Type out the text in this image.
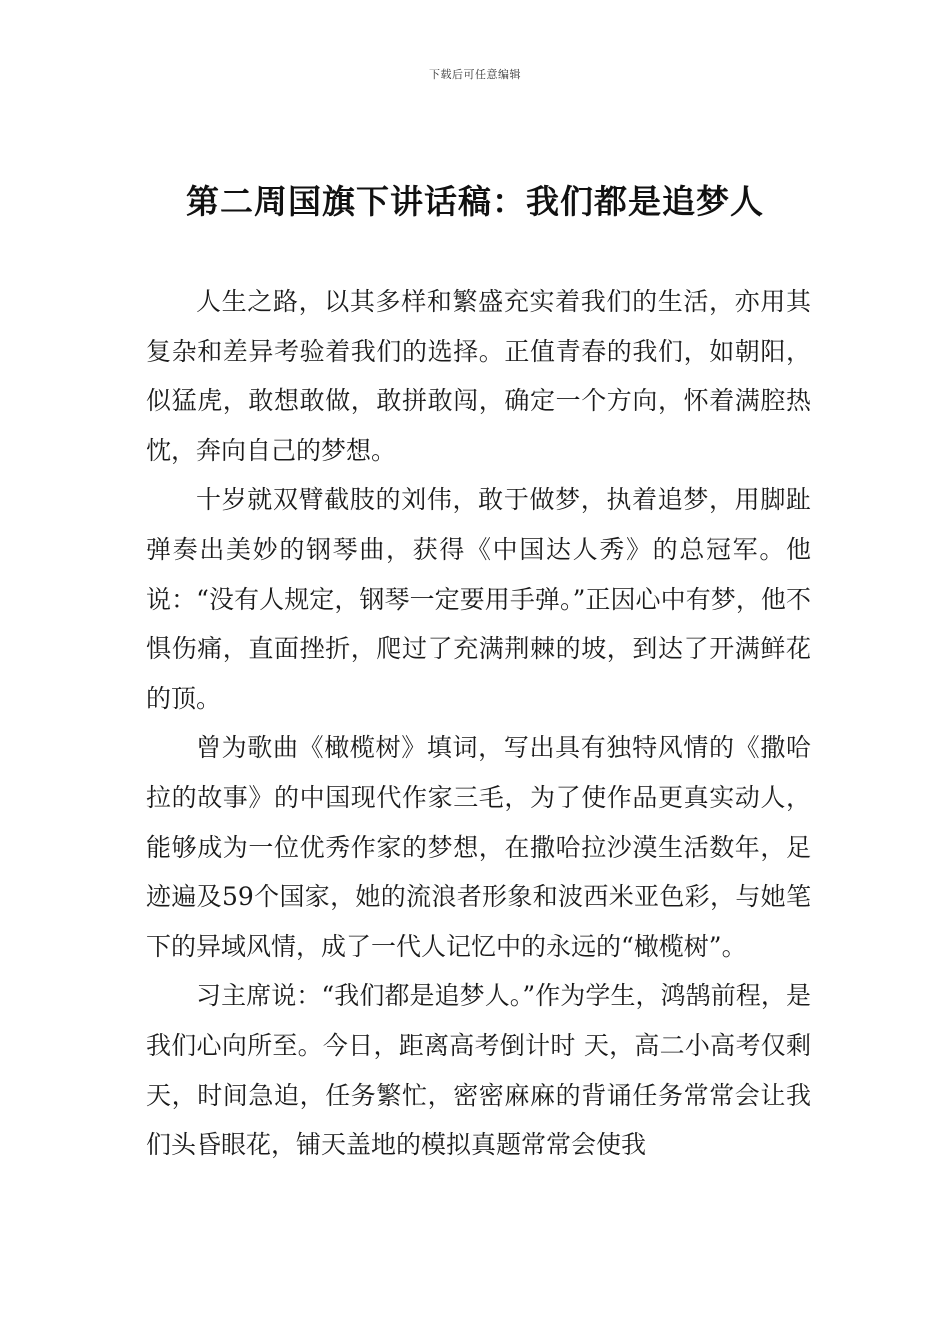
下载后可任意编辑
第二周国旗下讲话稿：我们都是追梦人

人生之路，以其多样和繁盛充实着我们的生活，亦用其复杂和差异考验着我们的选择。正值青春的我们，如朝阳，似猛虎，敢想敢做，敢拼敢闯，确定一个方向，怀着满腔热忱，奔向自己的梦想。

十岁就双臂截肢的刘伟，敢于做梦，执着追梦，用脚趾弹奏出美妙的钢琴曲，获得《中国达人秀》的总冠军。他说：“没有人规定，钢琴一定要用手弹。”正因心中有梦，他不惧伤痛，直面挫折，爬过了充满荆棘的坡，到达了开满鲜花的顶。

曾为歌曲《橄榄树》填词，写出具有独特风情的《撒哈拉的故事》的中国现代作家三毛，为了使作品更真实动人，能够成为一位优秀作家的梦想，在撒哈拉沙漠生活数年，足迹遍及59个国家，她的流浪者形象和波西米亚色彩，与她笔下的异域风情，成了一代人记忆中的永远的“橄榄树”。

习主席说：“我们都是追梦人。”作为学生，鸿鹄前程，是我们心向所至。今日，距离高考倒计时 天，高二小高考仅剩 天，时间急迫，任务繁忙，密密麻麻的背诵任务常常会让我们头昏眼花，铺天盖地的模拟真题常常会使我
